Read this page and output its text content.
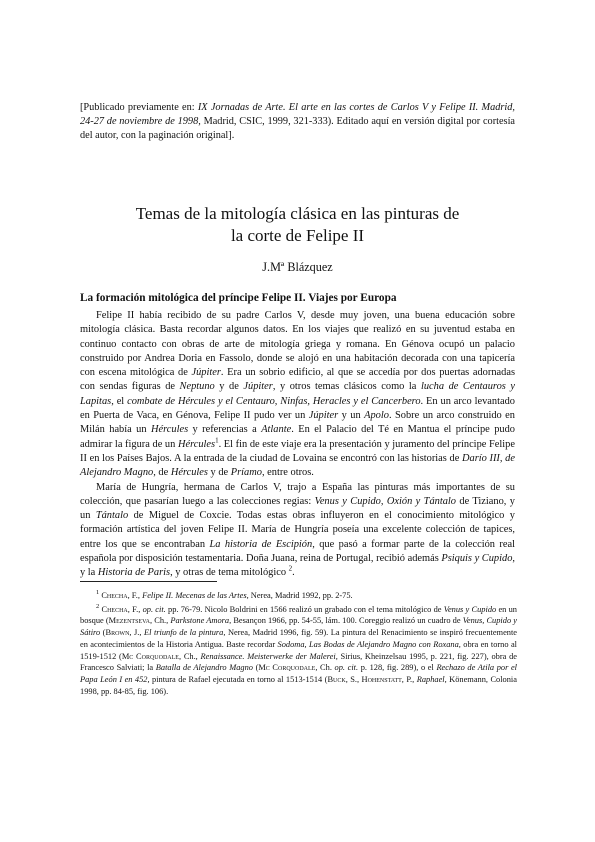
[Publicado previamente en: IX Jornadas de Arte. El arte en las cortes de Carlos V y Felipe II. Madrid, 24-27 de noviembre de 1998, Madrid, CSIC, 1999, 321-333). Editado aquí en versión digital por cortesía del autor, con la paginación original].
Temas de la mitología clásica en las pinturas de
la corte de Felipe II
J.Mª Blázquez
La formación mitológica del príncipe Felipe II. Viajes por Europa

Felipe II había recibido de su padre Carlos V, desde muy joven, una buena educación sobre mitología clásica. Basta recordar algunos datos. En los viajes que realizó en su juventud estaba en continuo contacto con obras de arte de mitología griega y romana. En Génova ocupó un palacio construido por Andrea Doria en Fassolo, donde se alojó en una habitación decorada con una tapicería con escena mitológica de Júpiter. Era un sobrio edificio, al que se accedía por dos puertas adornadas con sendas figuras de Neptuno y de Júpiter, y otros temas clásicos como la lucha de Centauros y Lapitas, el combate de Hércules y el Centauro, Ninfas, Heracles y el Cancerbero. En un arco levantado en Puerta de Vaca, en Génova, Felipe II pudo ver un Júpiter y un Apolo. Sobre un arco construido en Milán había un Hércules y referencias a Atlante. En el Palacio del Té en Mantua el príncipe pudo admirar la figura de un Hércules$^1$. El fin de este viaje era la presentación y juramento del príncipe Felipe II en los Países Bajos. A la entrada de la ciudad de Lovaina se encontró con las historias de Darío III, de Alejandro Magno, de Hércules y de Príamo, entre otros.

María de Hungría, hermana de Carlos V, trajo a España las pinturas más importantes de su colección, que pasarían luego a las colecciones regias: Venus y Cupido, Oxión y Tántalo de Tiziano, y un Tántalo de Miguel de Coxcie. Todas estas obras influyeron en el conocimiento mitológico y formación artística del joven Felipe II. María de Hungría poseía una excelente colección de tapices, entre los que se encontraban La historia de Escipión, que pasó a formar parte de la colección real española por disposición testamentaria. Doña Juana, reina de Portugal, recibió además Psiquis y Cupido, y la Historia de Paris, y otras de tema mitológico $^2$.

$^1$ Checha, F., Felipe II. Mecenas de las Artes, Nerea, Madrid 1992, pp. 2-75.

$^2$ Checha, F., op. cit. pp. 76-79. Nicolo Boldrini en 1566 realizó un grabado con el tema mitológico de Venus y Cupido en un bosque (Mezentseva, Ch., Parkstone Amora, Besançon 1966, pp. 54-55, lám. 100. Coreggio realizó un cuadro de Venus, Cupido y Sátiro (Brown, J., El triunfo de la pintura, Nerea, Madrid 1996, fig. 59). La pintura del Renacimiento se inspiró frecuentemente en acontecimientos de la Historia Antigua. Baste recordar Sodoma, Las Bodas de Alejandro Magno con Roxana, obra en torno al 1519-1512 (Mc Corquodale, Ch., Renaissance. Meisterwerke der Malerei, Sirius, Kheinzelsau 1995, p. 221, fig. 227), obra de Francesco Salviati; la Batalla de Alejandro Magno (Mc Corquodale, Ch. op. cit. p. 128, fig. 289), o el Rechazo de Atila por el Papa León I en 452, pintura de Rafael ejecutada en torno al 1513-1514 (Buck, S., Hohenstatt, P., Raphael, Könemann, Colonia 1998, pp. 84-85, fig. 106).
